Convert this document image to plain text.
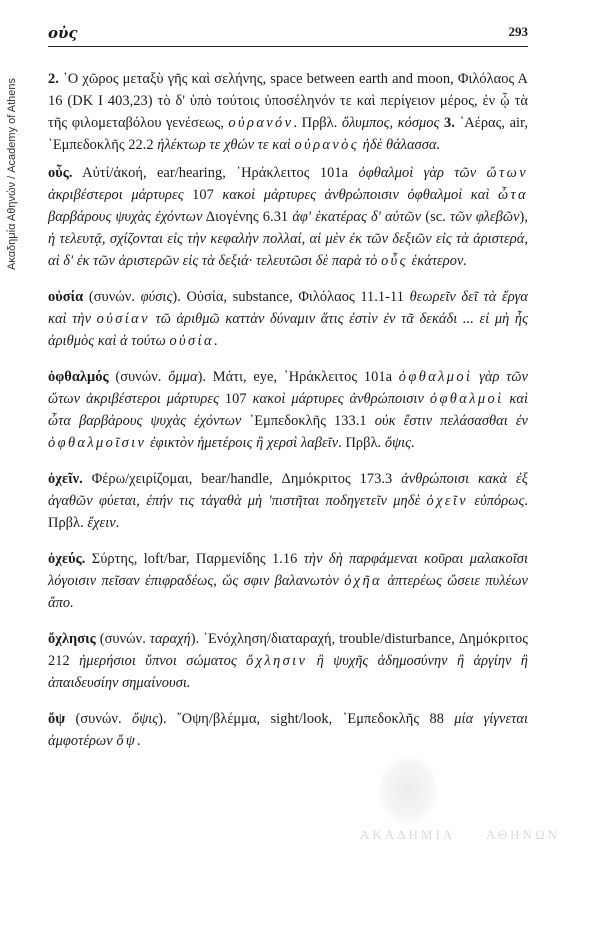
οὐς	293
Ακαδημία Αθηνών / Academy of Athens	2. ῾Ο χῶρος μεταξὺ γῆς καὶ σελήνης, space between earth and moon, Φιλόλαος Α 16 (DK I 403,23) τὸ δ' ὑπὸ τούτοις ὑποσέληνόν τε καὶ περίγειον μέρος, ἐν ᾧ τὰ τῆς φιλομεταβόλου γενέσεως, οὐρανόν. Πρβλ. ὄλυμπος, κόσμος 3. ᾿Αέρας, air, ᾿Εμπεδοκλῆς 22.2 ἠλέκτωρ τε χθών τε καὶ οὐρανὸς ἠδὲ θάλασσα.

οὖς. Αὐτί/ἀκοή, ear/hearing, ῾Ηράκλειτος 101a ὀφθαλμοὶ γὰρ τῶν ὤτων ἀκριβέστεροι μάρτυρες 107 κακοὶ μάρτυρες ἀνθρώποισιν ὀφθαλμοὶ καὶ ὦτα βαρβάρους ψυχὰς ἐχόντων Διογένης 6.31 ἀφ' ἑκατέρας δ' αὐτῶν (sc. τῶν φλεβῶν), ἡ τελευτᾷ, σχίζονται εἰς τὴν κεφαλὴν πολλαί, αἱ μὲν ἐκ τῶν δεξιῶν εἰς τὰ ἀριστερά, αἱ δ' ἐκ τῶν ἀριστερῶν εἰς τὰ δεξιά· τελευτῶσι δὲ παρὰ τὸ οὖς ἑκάτερον.

οὐσία (συνών. φύσις). Οὐσία, substance, Φιλόλαος 11.1-11 θεωρεῖν δεῖ τὰ ἔργα καὶ τὴν οὐσίαν τῶ ἀριθμῶ καττὰν δύναμιν ἅτις ἐστὶν ἐν τᾶ δεκάδι ... εἰ μὴ ἧς ἀριθμὸς καὶ ἁ τούτω οὐσία.

ὀφθαλμός (συνών. ὄμμα). Μάτι, eye, ῾Ηράκλειτος 101a ὀφθαλμοὶ γὰρ τῶν ὤτων ἀκριβέστεροι μάρτυρες 107 κακοὶ μάρτυρες ἀνθρώποισιν ὀφθαλμοὶ καὶ ὦτα βαρβάρους ψυχὰς ἐχόντων ᾿Εμπεδοκλῆς 133.1 οὐκ ἔστιν πελάσασθαι ἐν ὀφθαλμοῖσιν ἐφικτὸν ἡμετέροις ἢ χερσὶ λαβεῖν. Πρβλ. ὄψις.

ὀχεῖν. Φέρω/χειρίζομαι, bear/handle, Δημόκριτος 173.3 ἀνθρώποισι κακὰ ἐξ ἀγαθῶν φύεται, ἐπήν τις τἀγαθὰ μὴ 'πιστῆται ποδηγετεῖν μηδὲ ὀχεῖν εὐπόρως. Πρβλ. ἔχειν.

ὀχεύς. Σύρτης, loft/bar, Παρμενίδης 1.16 τὴν δὴ παρφάμεναι κοῦραι μαλακοῖσι λόγοισιν πεῖσαν ἐπιφραδέως, ὥς σφιν βαλανωτὸν ὀχῆα ἀπτερέως ὤσειε πυλέων ἄπο.

ὄχλησις (συνών. ταραχή). ᾿Ενόχληση/διαταραχή, trouble/disturbance, Δημόκριτος 212 ἡμερήσιοι ὕπνοι σώματος ὄχλησιν ἢ ψυχῆς ἀδημοσύνην ἢ ἀργίην ἢ ἀπαιδευσίην σημαίνουσι.

ὄψ (συνών. ὄψις). ῎Οψη/βλέμμα, sight/look, ᾿Εμπεδοκλῆς 88 μία γίγνεται ἀμφοτέρων ὄψ.

ΑΚΑΔΗΜΙΑ ΑΘΗΝΩΝ
